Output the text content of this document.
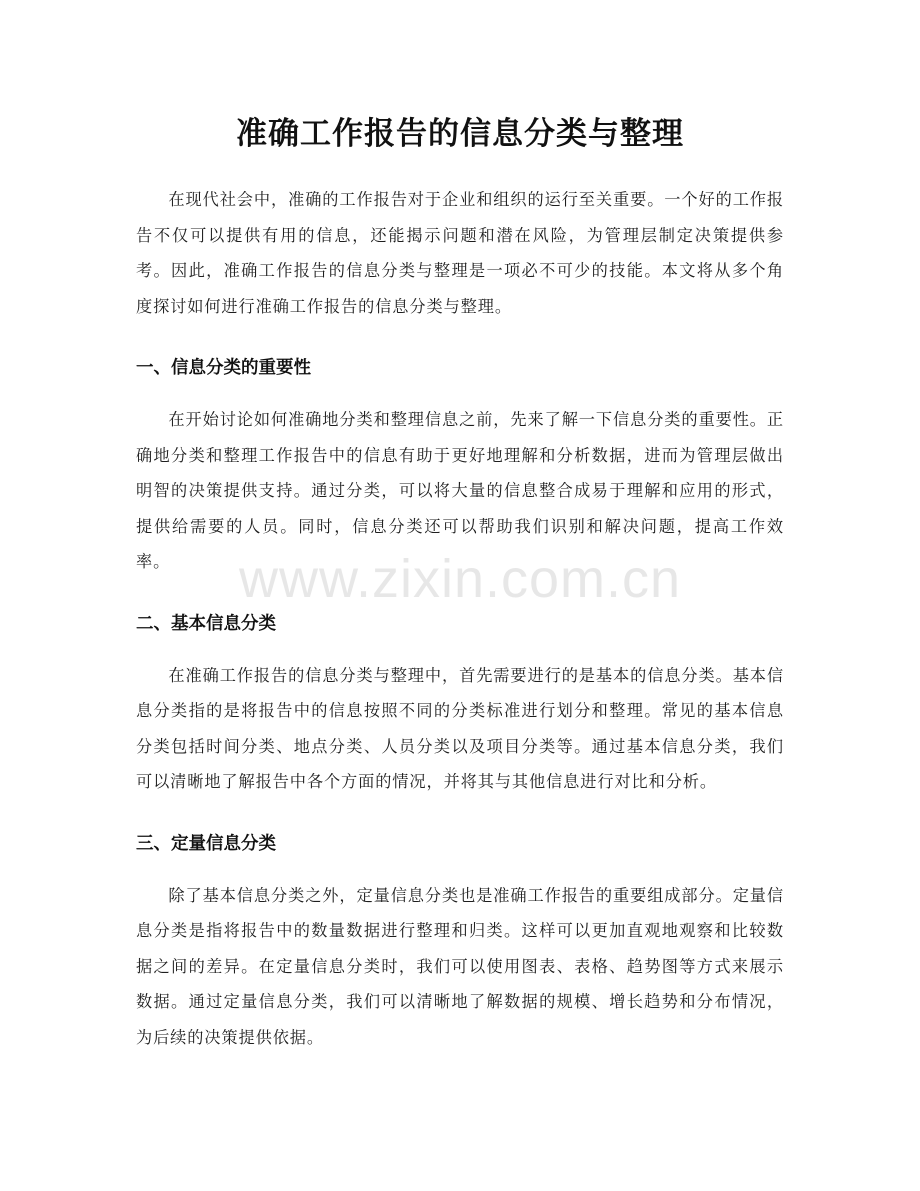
准确工作报告的信息分类与整理

在现代社会中，准确的工作报告对于企业和组织的运行至关重要。一个好的工作报告不仅可以提供有用的信息，还能揭示问题和潜在风险，为管理层制定决策提供参考。因此，准确工作报告的信息分类与整理是一项必不可少的技能。本文将从多个角度探讨如何进行准确工作报告的信息分类与整理。

一、信息分类的重要性

在开始讨论如何准确地分类和整理信息之前，先来了解一下信息分类的重要性。正确地分类和整理工作报告中的信息有助于更好地理解和分析数据，进而为管理层做出明智的决策提供支持。通过分类，可以将大量的信息整合成易于理解和应用的形式，提供给需要的人员。同时，信息分类还可以帮助我们识别和解决问题，提高工作效率。

二、基本信息分类

在准确工作报告的信息分类与整理中，首先需要进行的是基本的信息分类。基本信息分类指的是将报告中的信息按照不同的分类标准进行划分和整理。常见的基本信息分类包括时间分类、地点分类、人员分类以及项目分类等。通过基本信息分类，我们可以清晰地了解报告中各个方面的情况，并将其与其他信息进行对比和分析。

三、定量信息分类

除了基本信息分类之外，定量信息分类也是准确工作报告的重要组成部分。定量信息分类是指将报告中的数量数据进行整理和归类。这样可以更加直观地观察和比较数据之间的差异。在定量信息分类时，我们可以使用图表、表格、趋势图等方式来展示数据。通过定量信息分类，我们可以清晰地了解数据的规模、增长趋势和分布情况，为后续的决策提供依据。

www.zixin.com.cn
